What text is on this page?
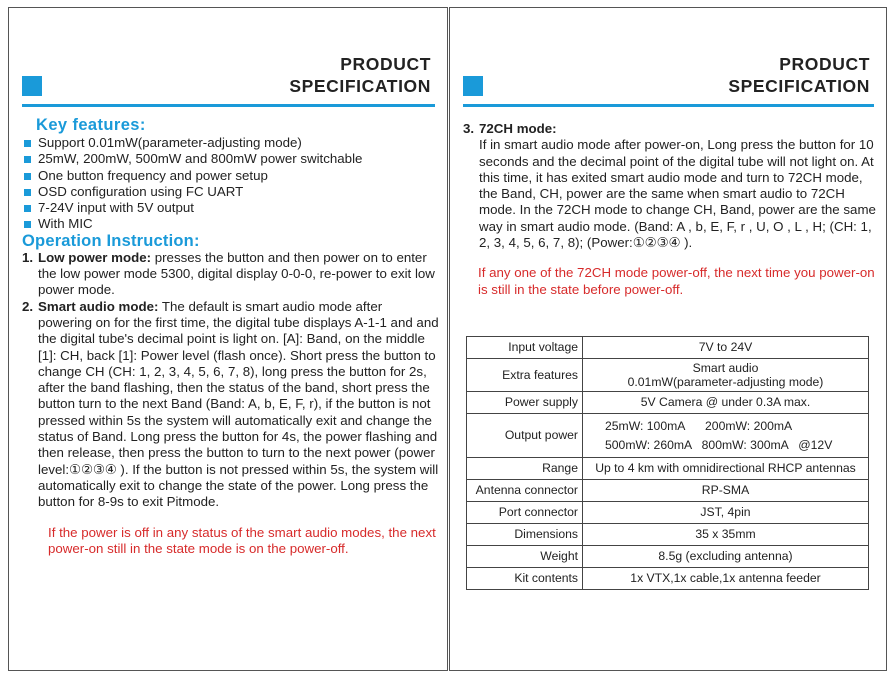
PRODUCT
SPECIFICATION
Key features:
Support 0.01mW(parameter-adjusting mode)
25mW, 200mW, 500mW and 800mW power switchable
One button frequency and power setup
OSD configuration using FC UART
7-24V input with 5V output
With MIC
Operation Instruction:
1. Low power mode: presses the button and then power on to enter the low power mode 5300, digital display 0-0-0, re-power to exit low power mode.
2. Smart audio mode: The default is smart audio mode after powering on for the first time, the digital tube displays A-1-1 and and the digital tube's decimal point is light on. [A]: Band, on the middle [1]: CH, back [1]: Power level (flash once). Short press the button to change CH (CH: 1, 2, 3, 4, 5, 6, 7, 8), long press the button for 2s, after the band flashing, then the status of the band, short press the button turn to the next Band (Band: A, b, E, F, r), if the button is not pressed within 5s the system will automatically exit and change the status of Band. Long press the button for 4s, the power flashing and then release, then press the button to turn to the next power (power level:①②③④ ). If the button is not pressed within 5s, the system will automatically exit to change the state of the power. Long press the button for 8-9s to exit Pitmode.
If the power is off in any status of the smart audio modes, the next power-on still in the state mode is on the power-off.
PRODUCT
SPECIFICATION
3. 72CH mode:
If in smart audio mode after power-on, Long press the button for 10 seconds and the decimal point of the digital tube will not light on. At this time, it has exited smart audio mode and turn to 72CH mode, the Band, CH, power are the same when smart audio to 72CH mode. In the 72CH mode to change CH, Band, power are the same way in smart audio mode. (Band: A , b, E, F, r , U, O , L , H; (CH: 1, 2, 3, 4, 5, 6, 7, 8); (Power:①②③④ ).
If any one of the 72CH mode power-off, the next time you power-on is still in the state before power-off.
Input voltage	7V to 24V
Extra features	Smart audio
0.01mW(parameter-adjusting mode)

Power supply	5V Camera @ under 0.3A max.
Output power	25mW: 100mA      200mW: 200mA
500mW: 260mA   800mW: 300mA   @12V

Range	Up to 4 km with omnidirectional RHCP antennas
Antenna connector	RP-SMA
Port connector	JST, 4pin
Dimensions	35 x 35mm
Weight	8.5g (excluding antenna)
Kit contents	1x VTX,1x cable,1x antenna feeder
